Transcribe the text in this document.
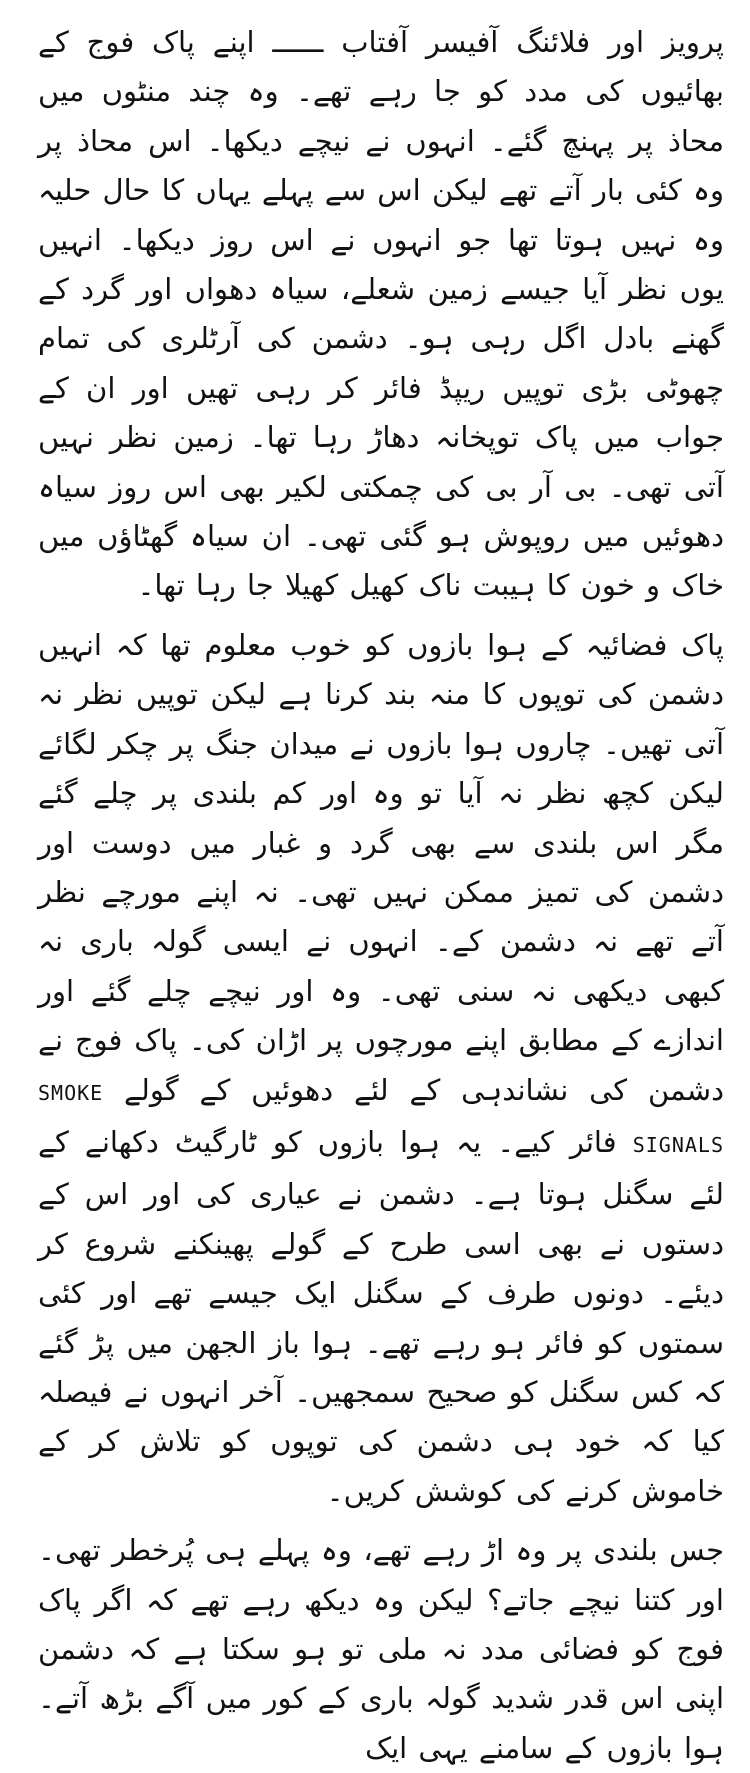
پرویز اور فلائنگ آفیسر آفتاب ــــــ اپنے پاک فوج کے بھائیوں کی مدد کو جا رہے تھے۔ وہ چند منٹوں میں محاذ پر پہنچ گئے۔ انہوں نے نیچے دیکھا۔ اس محاذ پر وہ کئی بار آتے تھے لیکن اس سے پہلے یہاں کا حال حلیہ وہ نہیں ہوتا تھا جو انہوں نے اس روز دیکھا۔ انہیں یوں نظر آیا جیسے زمین شعلے، سیاہ دھواں اور گرد کے گھنے بادل اگل رہی ہو۔ دشمن کی آرٹلری کی تمام چھوٹی بڑی توپیں ریپڈ فائر کر رہی تھیں اور ان کے جواب میں پاک توپخانہ دھاڑ رہا تھا۔ زمین نظر نہیں آتی تھی۔ بی آر بی کی چمکتی لکیر بھی اس روز سیاہ دھوئیں میں روپوش ہو گئی تھی۔ ان سیاہ گھٹاؤں میں خاک و خون کا ہیبت ناک کھیل کھیلا جا رہا تھا۔

پاک فضائیہ کے ہوا بازوں کو خوب معلوم تھا کہ انہیں دشمن کی توپوں کا منہ بند کرنا ہے لیکن توپیں نظر نہ آتی تھیں۔ چاروں ہوا بازوں نے میدان جنگ پر چکر لگائے لیکن کچھ نظر نہ آیا تو وہ اور کم بلندی پر چلے گئے مگر اس بلندی سے بھی گرد و غبار میں دوست اور دشمن کی تمیز ممکن نہیں تھی۔ نہ اپنے مورچے نظر آتے تھے نہ دشمن کے۔ انہوں نے ایسی گولہ باری نہ کبھی دیکھی نہ سنی تھی۔ وہ اور نیچے چلے گئے اور اندازے کے مطابق اپنے مورچوں پر اڑان کی۔ پاک فوج نے دشمن کی نشاندہی کے لئے دھوئیں کے گولے SMOKE SIGNALS فائر کیے۔ یہ ہوا بازوں کو ٹارگیٹ دکھانے کے لئے سگنل ہوتا ہے۔ دشمن نے عیاری کی اور اس کے دستوں نے بھی اسی طرح کے گولے پھینکنے شروع کر دیئے۔ دونوں طرف کے سگنل ایک جیسے تھے اور کئی سمتوں کو فائر ہو رہے تھے۔ ہوا باز الجھن میں پڑ گئے کہ کس سگنل کو صحیح سمجھیں۔ آخر انہوں نے فیصلہ کیا کہ خود ہی دشمن کی توپوں کو تلاش کر کے خاموش کرنے کی کوشش کریں۔

جس بلندی پر وہ اڑ رہے تھے، وہ پہلے ہی پُرخطر تھی۔ اور کتنا نیچے جاتے؟ لیکن وہ دیکھ رہے تھے کہ اگر پاک فوج کو فضائی مدد نہ ملی تو ہو سکتا ہے کہ دشمن اپنی اس قدر شدید گولہ باری کے کور میں آگے بڑھ آتے۔ ہوا بازوں کے سامنے یہی ایک
